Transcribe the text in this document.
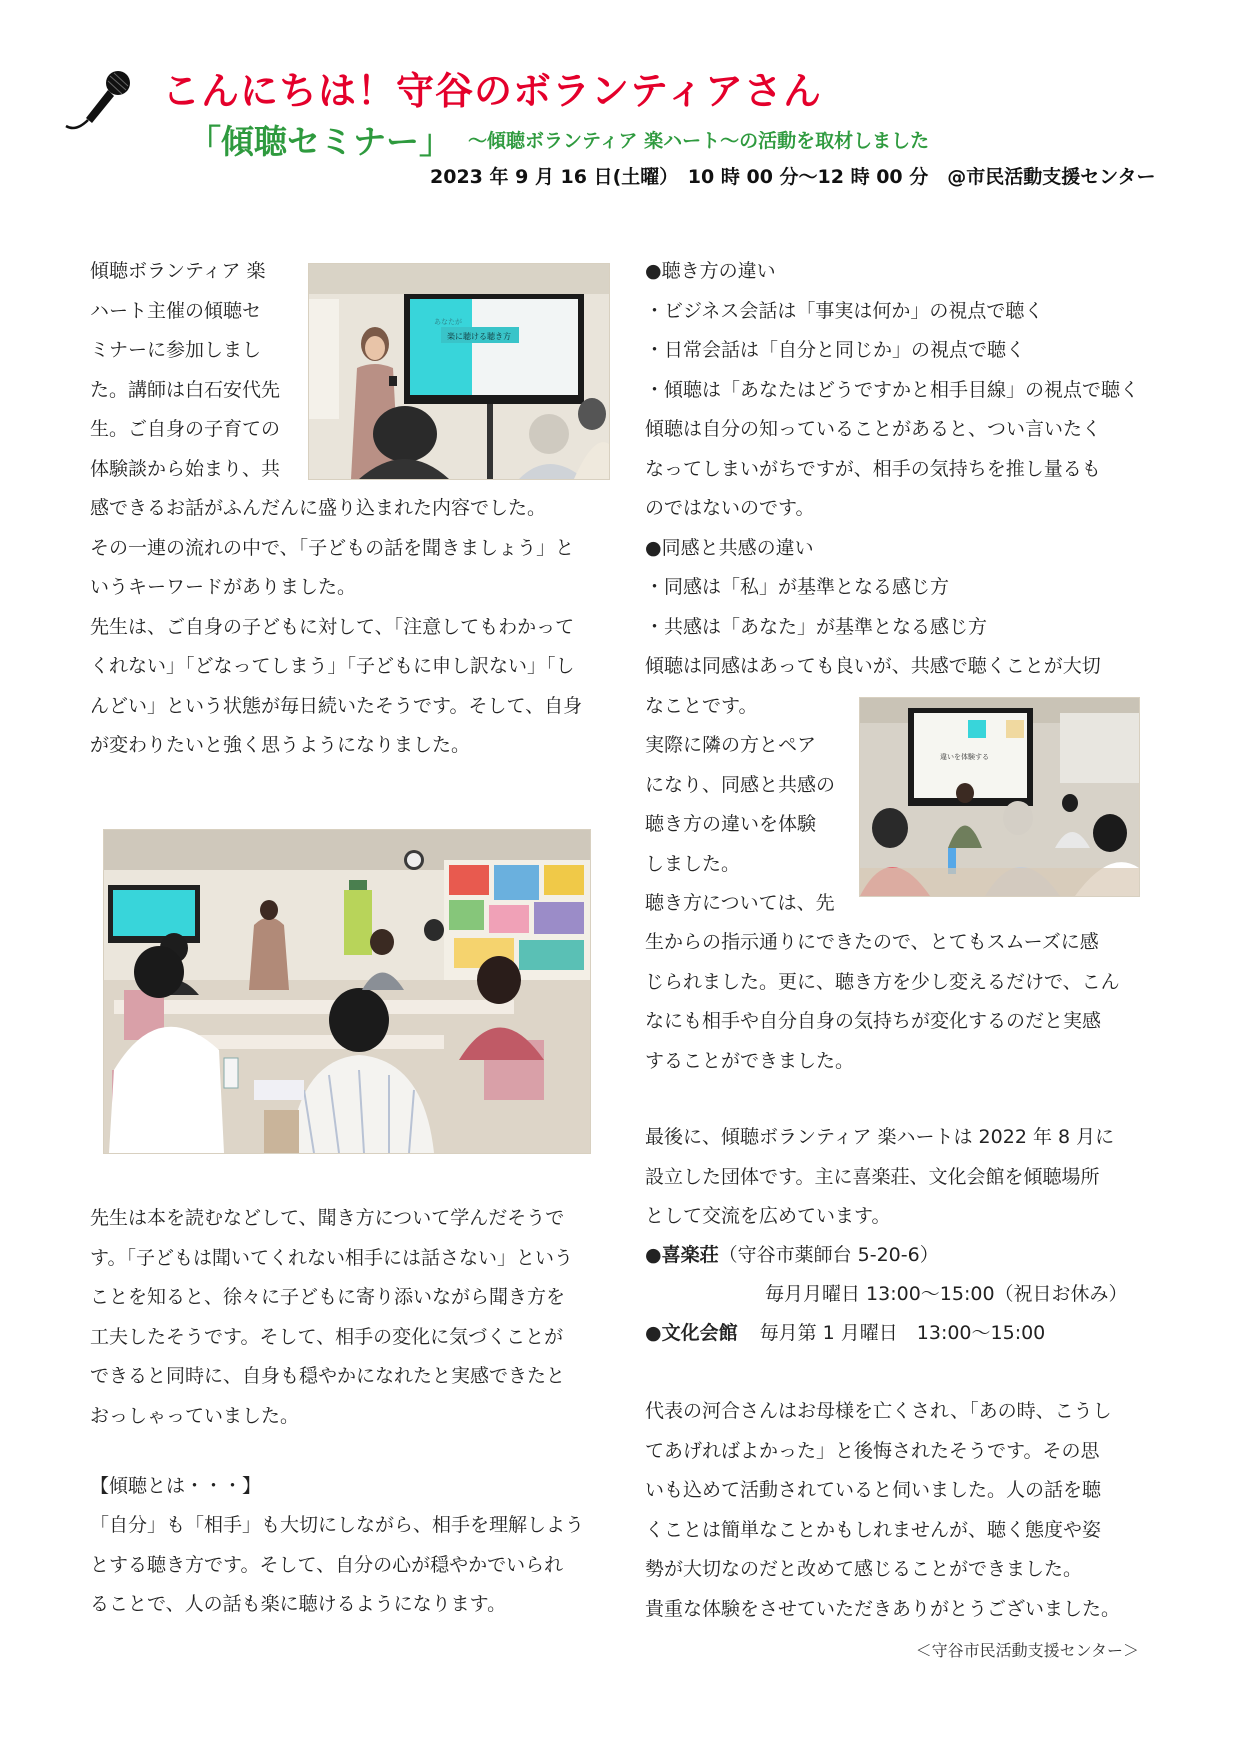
こんにちは！守谷のボランティアさん
「傾聴セミナー」 ～傾聴ボランティア 楽ハート～の活動を取材しました
2023 年 9 月 16 日(土曜）　10 時 00 分～12 時 00 分　@市民活動支援センター
あなたが
楽に聴ける聴き方
違いを体験する
傾聴ボランティア 楽
ハート主催の傾聴セ
ミナーに参加しまし
た。講師は白石安代先
生。ご自身の子育ての
体験談から始まり、共
感できるお話がふんだんに盛り込まれた内容でした。
その一連の流れの中で、「子どもの話を聞きましょう」と
いうキーワードがありました。
先生は、ご自身の子どもに対して、「注意してもわかって
くれない」「どなってしまう」「子どもに申し訳ない」「し
んどい」という状態が毎日続いたそうです。そして、自身
が変わりたいと強く思うようになりました。
先生は本を読むなどして、聞き方について学んだそうで
す。「子どもは聞いてくれない相手には話さない」という
ことを知ると、徐々に子どもに寄り添いながら聞き方を
工夫したそうです。そして、相手の変化に気づくことが
できると同時に、自身も穏やかになれたと実感できたと
おっしゃっていました。
【傾聴とは・・・】
「自分」も「相手」も大切にしながら、相手を理解しよう
とする聴き方です。そして、自分の心が穏やかでいられ
ることで、人の話も楽に聴けるようになります。
●聴き方の違い
・ビジネス会話は「事実は何か」の視点で聴く
・日常会話は「自分と同じか」の視点で聴く
・傾聴は「あなたはどうですかと相手目線」の視点で聴く
傾聴は自分の知っていることがあると、つい言いたく
なってしまいがちですが、相手の気持ちを推し量るも
のではないのです。
●同感と共感の違い
・同感は「私」が基準となる感じ方
・共感は「あなた」が基準となる感じ方
傾聴は同感はあっても良いが、共感で聴くことが大切
なことです。
実際に隣の方とペア
になり、同感と共感の
聴き方の違いを体験
しました。
聴き方については、先
生からの指示通りにできたので、とてもスムーズに感
じられました。更に、聴き方を少し変えるだけで、こん
なにも相手や自分自身の気持ちが変化するのだと実感
することができました。
最後に、傾聴ボランティア 楽ハートは 2022 年 8 月に
設立した団体です。主に喜楽荘、文化会館を傾聴場所
として交流を広めています。
●喜楽荘（守谷市薬師台 5-20-6）
毎月月曜日 13:00～15:00（祝日お休み）
●文化会館 毎月第 1 月曜日　13:00～15:00
代表の河合さんはお母様を亡くされ、「あの時、こうし
てあげればよかった」と後悔されたそうです。その思
いも込めて活動されていると伺いました。人の話を聴
くことは簡単なことかもしれませんが、聴く態度や姿
勢が大切なのだと改めて感じることができました。
貴重な体験をさせていただきありがとうございました。
＜守谷市民活動支援センター＞
